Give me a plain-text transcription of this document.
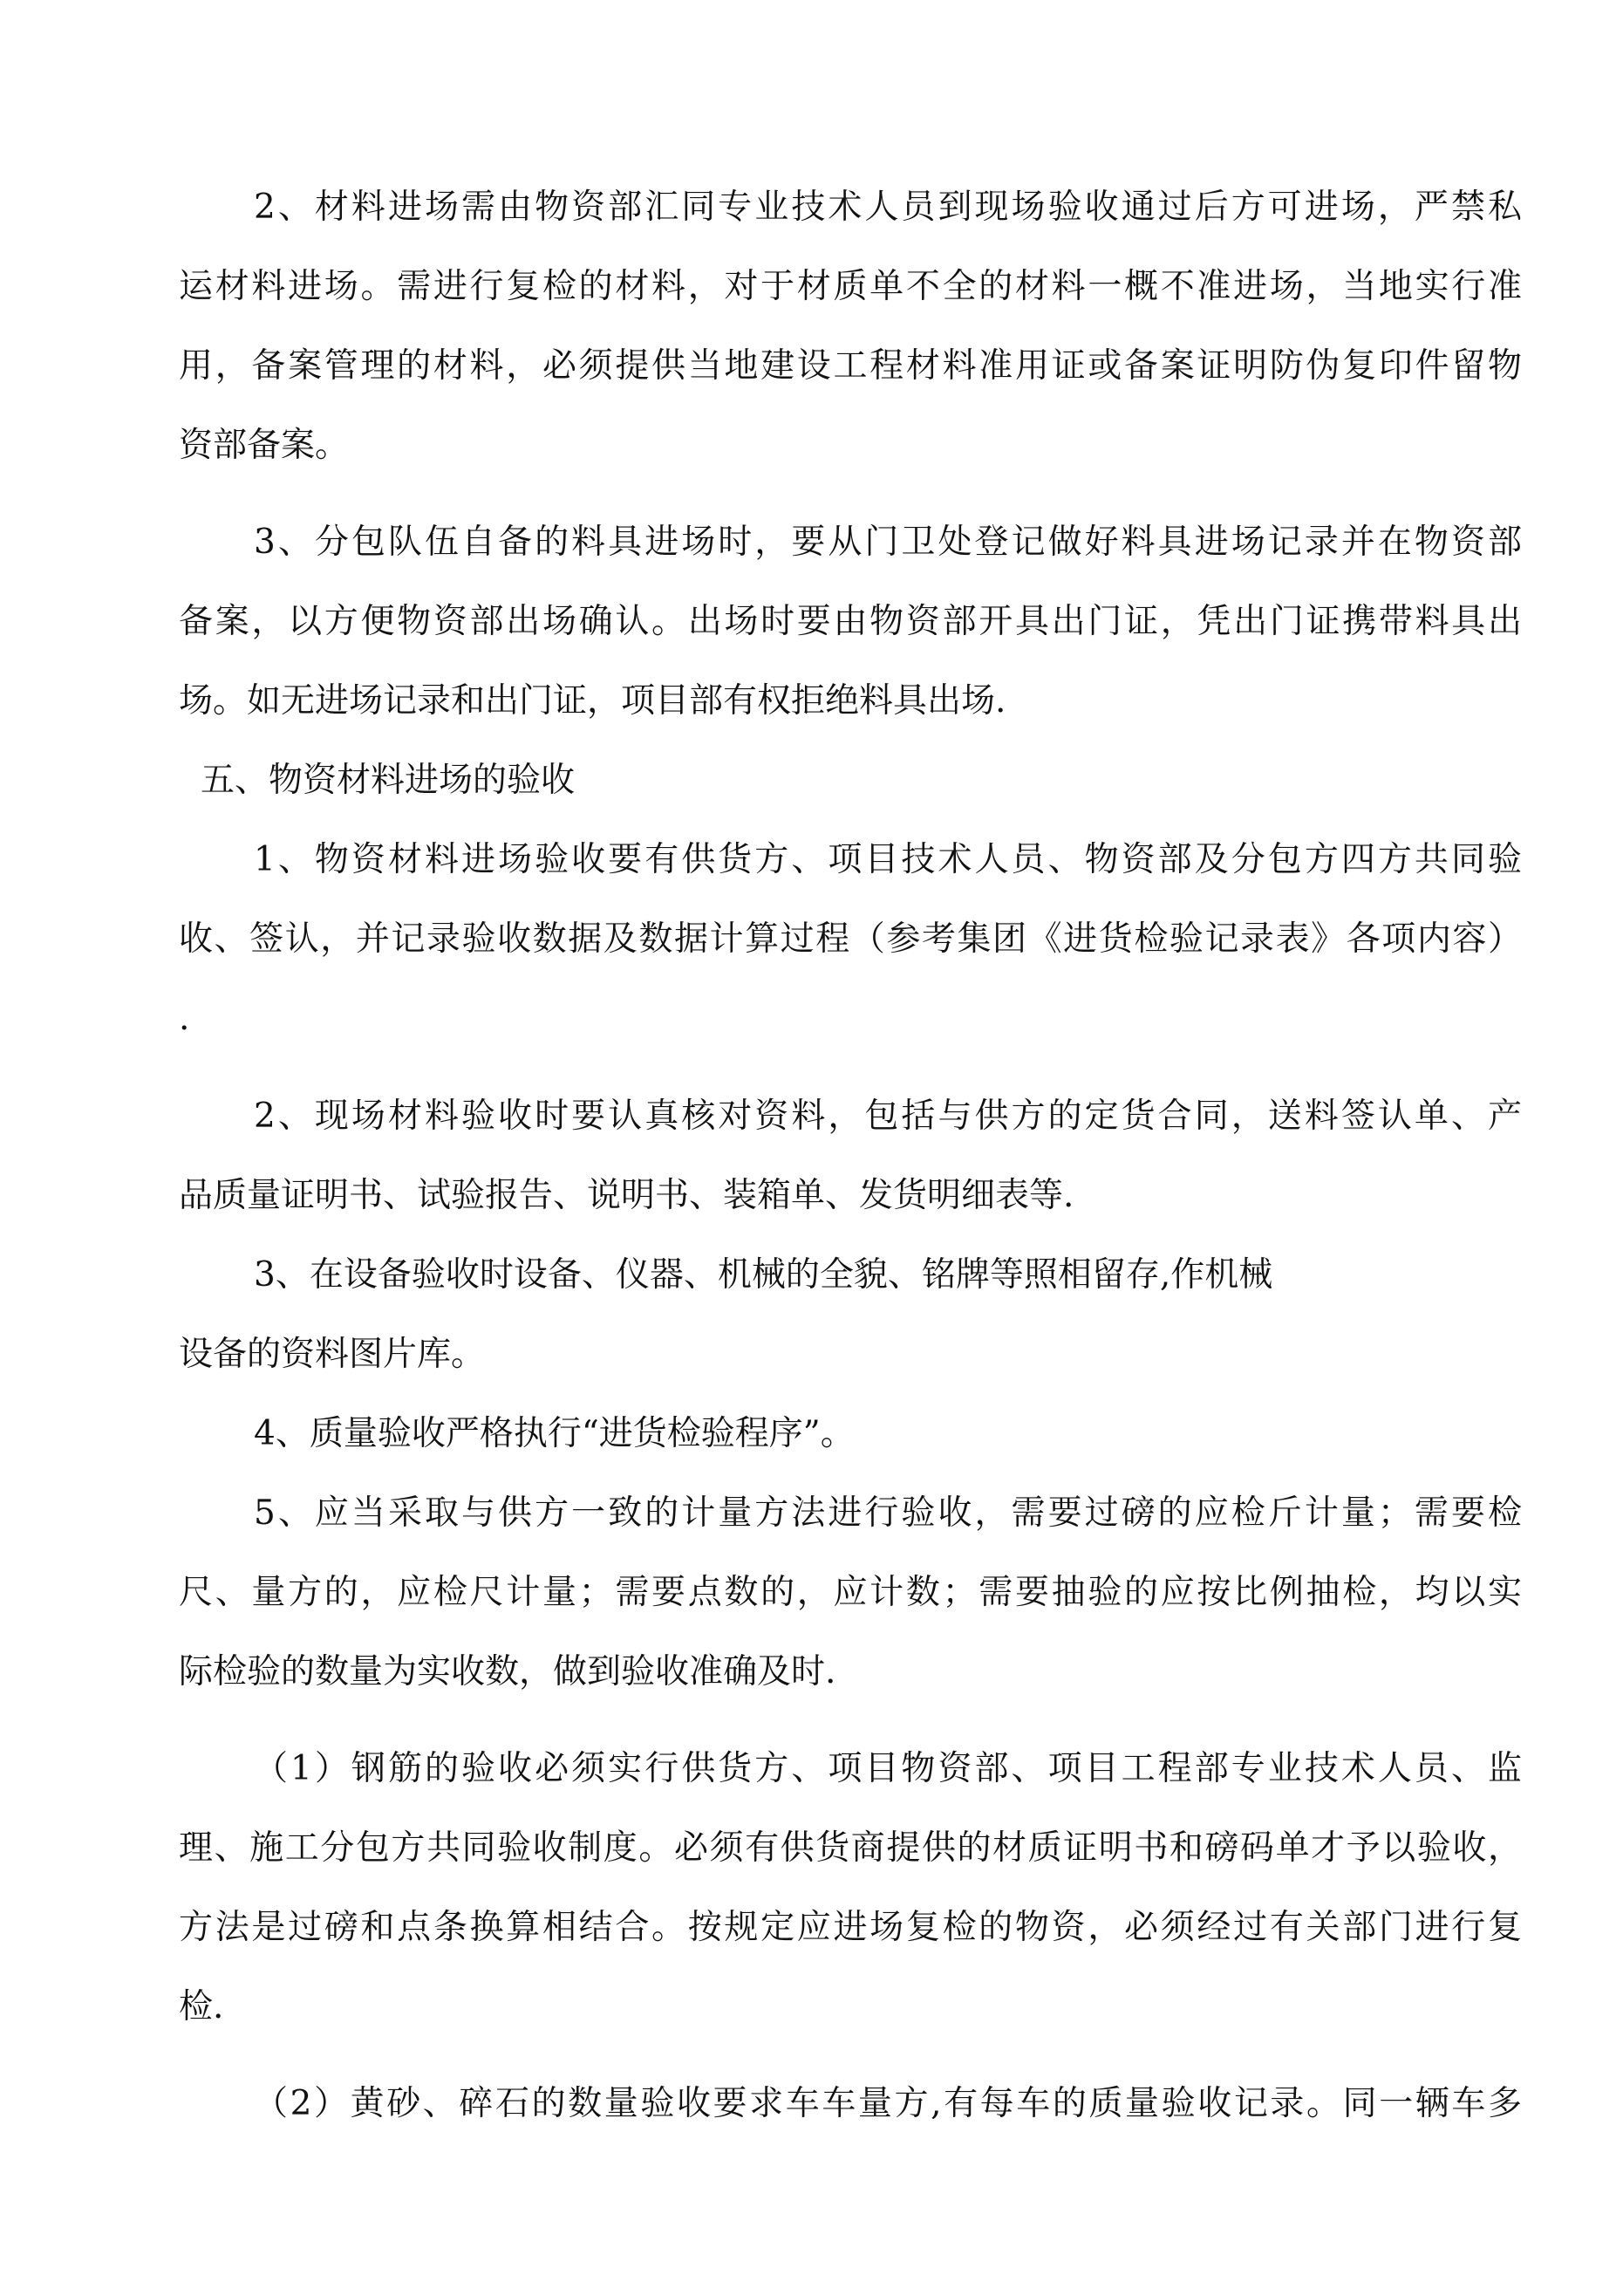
2、材料进场需由物资部汇同专业技术人员到现场验收通过后方可进场，严禁私
运材料进场。需进行复检的材料，对于材质单不全的材料一概不准进场，当地实行准
用，备案管理的材料，必须提供当地建设工程材料准用证或备案证明防伪复印件留物
资部备案。
3、分包队伍自备的料具进场时，要从门卫处登记做好料具进场记录并在物资部
备案，以方便物资部出场确认。出场时要由物资部开具出门证，凭出门证携带料具出
场。如无进场记录和出门证，项目部有权拒绝料具出场.
五、物资材料进场的验收
1、物资材料进场验收要有供货方、项目技术人员、物资部及分包方四方共同验
收、签认，并记录验收数据及数据计算过程（参考集团《进货检验记录表》各项内容）
.
2、现场材料验收时要认真核对资料，包括与供方的定货合同，送料签认单、产
品质量证明书、试验报告、说明书、装箱单、发货明细表等.
3、在设备验收时设备、仪器、机械的全貌、铭牌等照相留存,作机械
设备的资料图片库。
4、质量验收严格执行“进货检验程序”。
5、应当采取与供方一致的计量方法进行验收，需要过磅的应检斤计量；需要检
尺、量方的，应检尺计量；需要点数的，应计数；需要抽验的应按比例抽检，均以实
际检验的数量为实收数，做到验收准确及时.
（1）钢筋的验收必须实行供货方、项目物资部、项目工程部专业技术人员、监
理、施工分包方共同验收制度。必须有供货商提供的材质证明书和磅码单才予以验收，
方法是过磅和点条换算相结合。按规定应进场复检的物资，必须经过有关部门进行复
检.
（2）黄砂、碎石的数量验收要求车车量方,有每车的质量验收记录。同一辆车多
